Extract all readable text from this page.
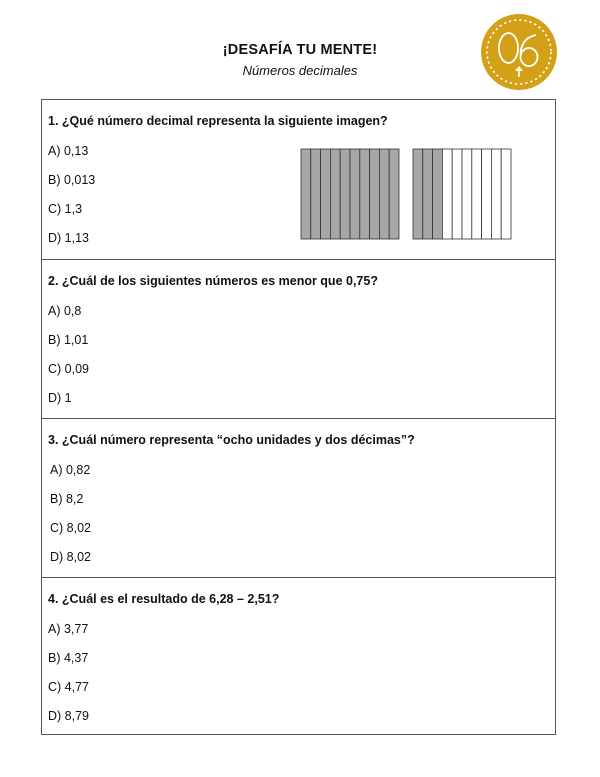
¡DESAFÍA TU MENTE!
Números decimales
1. ¿Qué número decimal representa la siguiente imagen?
A) 0,13
B) 0,013
C) 1,3
D) 1,13
2. ¿Cuál de los siguientes números es menor que 0,75?
A) 0,8
B) 1,01
C) 0,09
D) 1
3. ¿Cuál número representa “ocho unidades y dos décimas”?
A) 0,82
B) 8,2
C) 8,02
D) 8,02
4. ¿Cuál es el resultado de 6,28 – 2,51?
A) 3,77
B) 4,37
C) 4,77
D) 8,79
